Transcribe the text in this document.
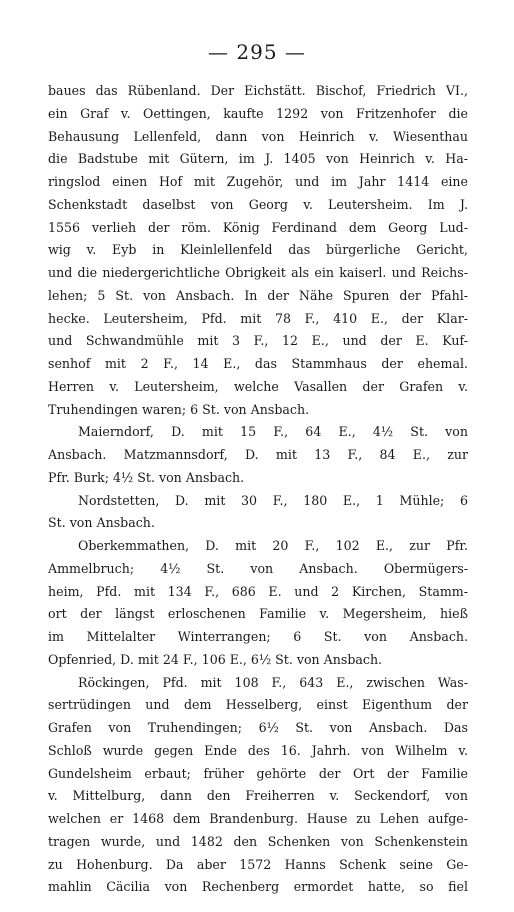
— 295 —
baues das Rübenland. Der Eichstätt. Bischof, Friedrich VI.,
ein Graf v. Oettingen, kaufte 1292 von Fritzenhofer die
Behausung Lellenfeld, dann von Heinrich v. Wiesenthau
die Badstube mit Gütern, im J. 1405 von Heinrich v. Ha-
ringslod einen Hof mit Zugehör, und im Jahr 1414 eine
Schenkstadt daselbst von Georg v. Leutersheim. Im J.
1556 verlieh der röm. König Ferdinand dem Georg Lud-
wig v. Eyb in Kleinlellenfeld das bürgerliche Gericht,
und die niedergerichtliche Obrigkeit als ein kaiserl. und Reichs-
lehen; 5 St. von Ansbach. In der Nähe Spuren der Pfahl-
hecke. Leutersheim, Pfd. mit 78 F., 410 E., der Klar-
und Schwandmühle mit 3 F., 12 E., und der E. Kuf-
senhof mit 2 F., 14 E., das Stammhaus der ehemal.
Herren v. Leutersheim, welche Vasallen der Grafen v.
Truhendingen waren; 6 St. von Ansbach.
Maierndorf, D. mit 15 F., 64 E., 4½ St. von
Ansbach. Matzmannsdorf, D. mit 13 F., 84 E., zur
Pfr. Burk; 4½ St. von Ansbach.
Nordstetten, D. mit 30 F., 180 E., 1 Mühle; 6
St. von Ansbach.
Oberkemmathen, D. mit 20 F., 102 E., zur Pfr.
Ammelbruch; 4½ St. von Ansbach. Obermügers-
heim, Pfd. mit 134 F., 686 E. und 2 Kirchen, Stamm-
ort der längst erloschenen Familie v. Megersheim, hieß
im Mittelalter Winterrangen; 6 St. von Ansbach.
Opfenried, D. mit 24 F., 106 E., 6½ St. von Ansbach.
Röckingen, Pfd. mit 108 F., 643 E., zwischen Was-
sertrüdingen und dem Hesselberg, einst Eigenthum der
Grafen von Truhendingen; 6½ St. von Ansbach. Das
Schloß wurde gegen Ende des 16. Jahrh. von Wilhelm v.
Gundelsheim erbaut; früher gehörte der Ort der Familie
v. Mittelburg, dann den Freiherren v. Seckendorf, von
welchen er 1468 dem Brandenburg. Hause zu Lehen aufge-
tragen wurde, und 1482 den Schenken von Schenkenstein
zu Hohenburg. Da aber 1572 Hanns Schenk seine Ge-
mahlin Cäcilia von Rechenberg ermordet hatte, so fiel
